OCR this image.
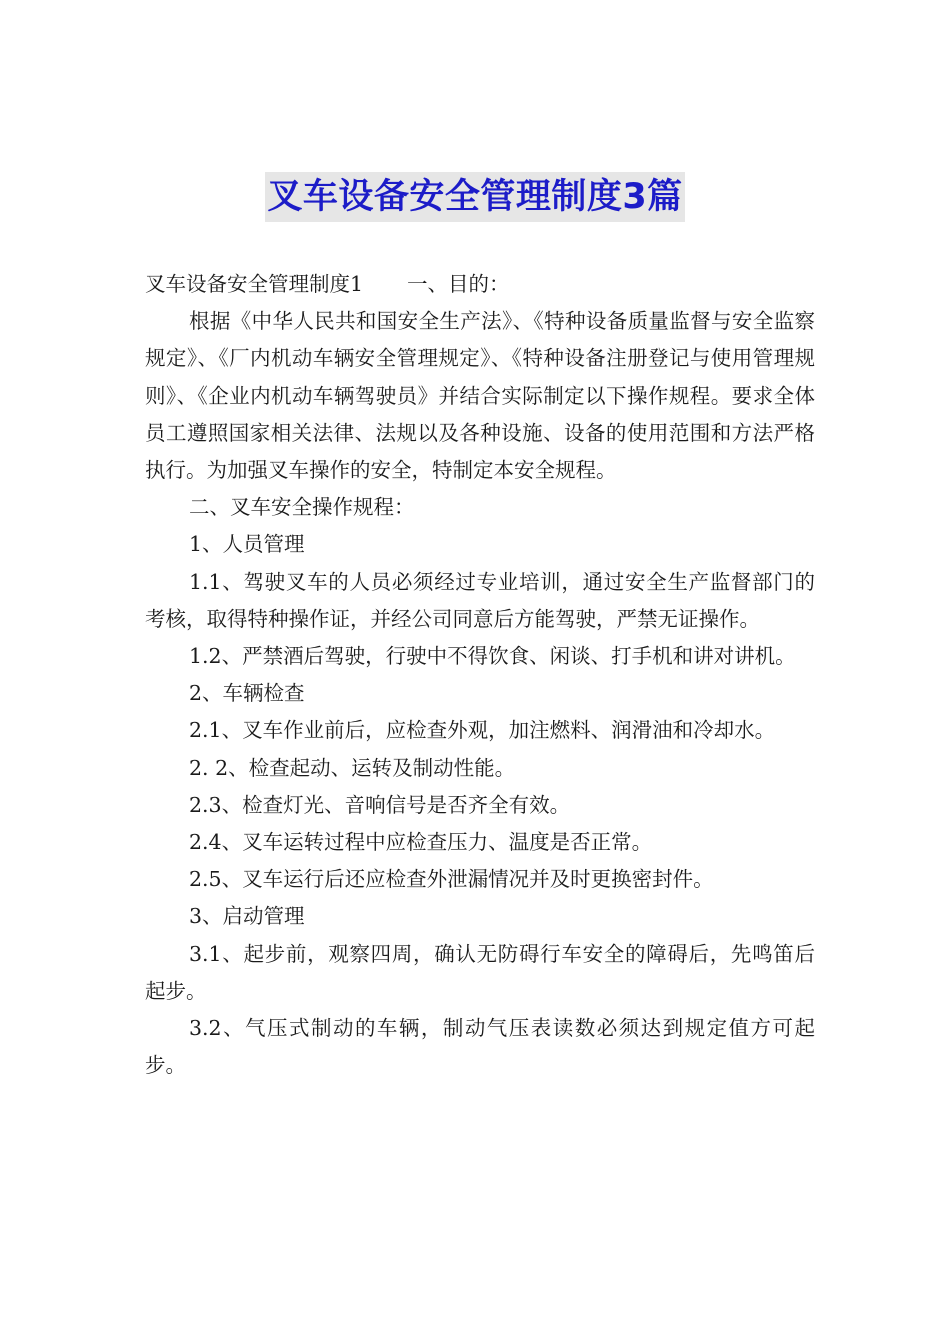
叉车设备安全管理制度3篇

叉车设备安全管理制度1 一、目的：

根据《中华人民共和国安全生产法》、《特种设备质量监督与安全监察规定》、《厂内机动车辆安全管理规定》、《特种设备注册登记与使用管理规则》、《企业内机动车辆驾驶员》并结合实际制定以下操作规程。要求全体员工遵照国家相关法律、法规以及各种设施、设备的使用范围和方法严格执行。为加强叉车操作的安全，特制定本安全规程。

二、叉车安全操作规程：

1、人员管理

1.1、驾驶叉车的人员必须经过专业培训，通过安全生产监督部门的考核，取得特种操作证，并经公司同意后方能驾驶，严禁无证操作。

1.2、严禁酒后驾驶，行驶中不得饮食、闲谈、打手机和讲对讲机。

2、车辆检查

2.1、叉车作业前后，应检查外观，加注燃料、润滑油和冷却水。

2. 2、检查起动、运转及制动性能。

2.3、检查灯光、音响信号是否齐全有效。

2.4、叉车运转过程中应检查压力、温度是否正常。

2.5、叉车运行后还应检查外泄漏情况并及时更换密封件。

3、启动管理

3.1、起步前，观察四周，确认无防碍行车安全的障碍后，先鸣笛后起步。

3.2、气压式制动的车辆，制动气压表读数必须达到规定值方可起步。
